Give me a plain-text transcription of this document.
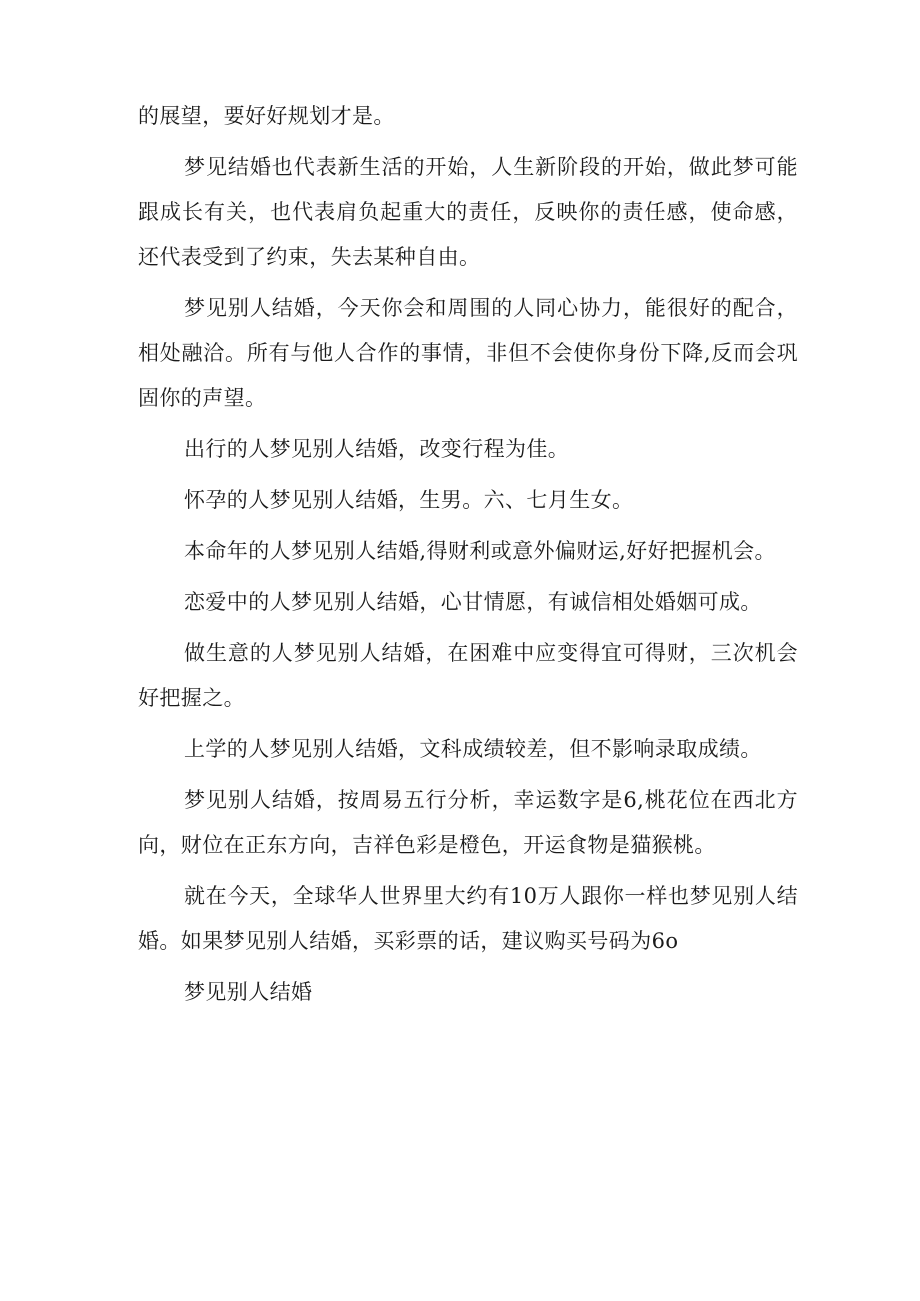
的展望，要好好规划才是。

梦见结婚也代表新生活的开始，人生新阶段的开始，做此梦可能跟成长有关，也代表肩负起重大的责任，反映你的责任感，使命感，还代表受到了约束，失去某种自由。

梦见别人结婚，今天你会和周围的人同心协力，能很好的配合，相处融洽。所有与他人合作的事情，非但不会使你身份下降,反而会巩固你的声望。

出行的人梦见别人结婚，改变行程为佳。

怀孕的人梦见别人结婚，生男。六、七月生女。

本命年的人梦见别人结婚,得财利或意外偏财运,好好把握机会。

恋爱中的人梦见别人结婚，心甘情愿，有诚信相处婚姻可成。

做生意的人梦见别人结婚，在困难中应变得宜可得财，三次机会好把握之。

上学的人梦见别人结婚，文科成绩较差，但不影响录取成绩。

梦见别人结婚，按周易五行分析，幸运数字是6,桃花位在西北方向，财位在正东方向，吉祥色彩是橙色，开运食物是猫猴桃。

就在今天，全球华人世界里大约有10万人跟你一样也梦见别人结婚。如果梦见别人结婚，买彩票的话，建议购买号码为6o

梦见别人结婚
